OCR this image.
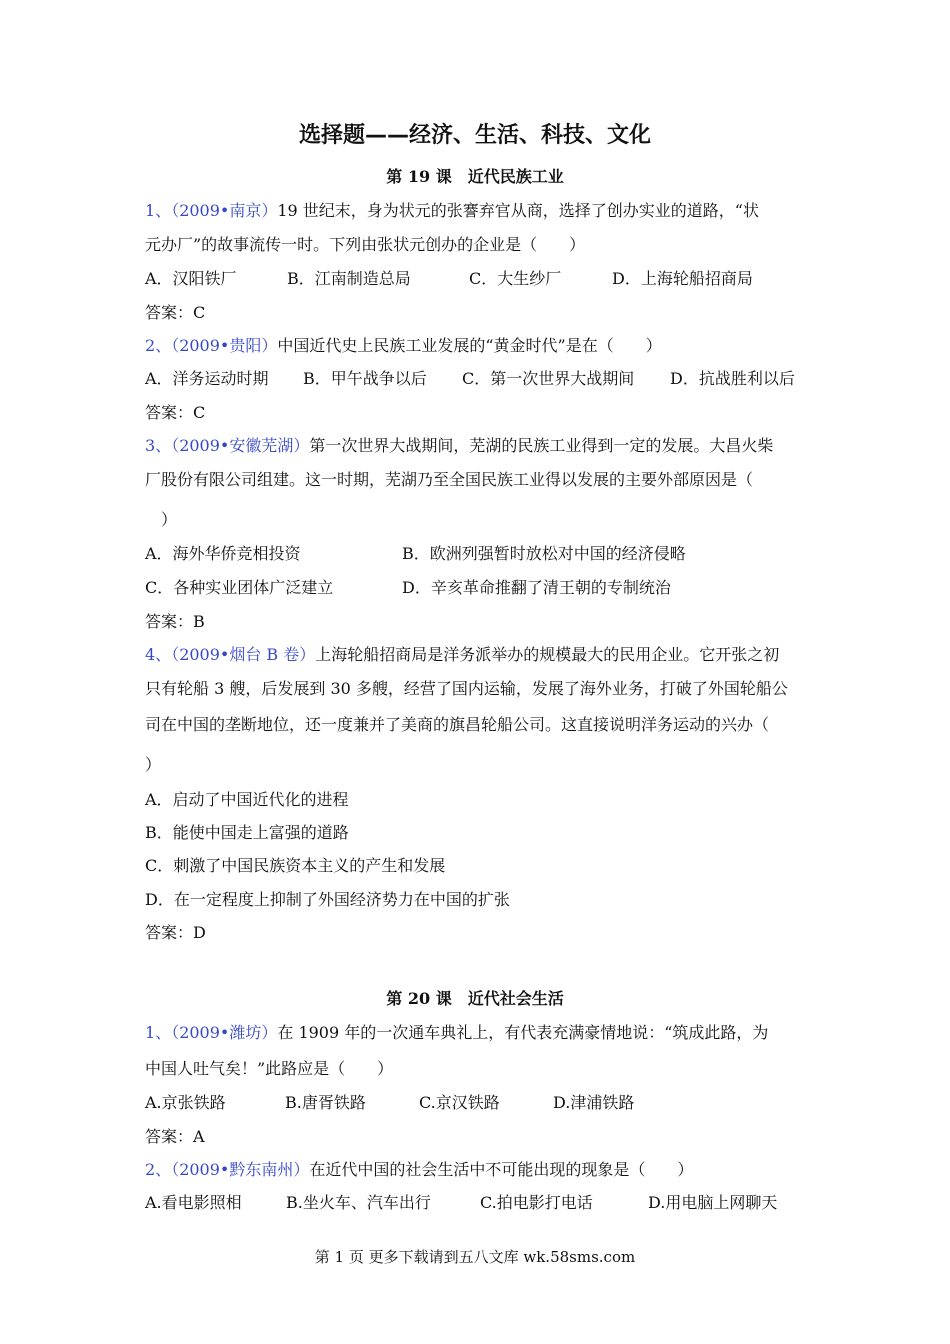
选择题——经济、生活、科技、文化
第 19 课　近代民族工业
1、（2009•南京）19 世纪末，身为状元的张謇弃官从商，选择了创办实业的道路，“状
元办厂”的故事流传一时。下列由张状元创办的企业是（　　）
A．汉阳铁厂	B．江南制造总局	C．大生纱厂	D．上海轮船招商局
答案：C
2、（2009•贵阳）中国近代史上民族工业发展的“黄金时代”是在（　　）
A．洋务运动时期 B．甲午战争以后 C．第一次世界大战期间 D．抗战胜利以后
答案：C
3、（2009•安徽芜湖）第一次世界大战期间，芜湖的民族工业得到一定的发展。大昌火柴
厂股份有限公司组建。这一时期，芜湖乃至全国民族工业得以发展的主要外部原因是（
　）
A．海外华侨竞相投资	B．欧洲列强暂时放松对中国的经济侵略
C．各种实业团体广泛建立	D．辛亥革命推翻了清王朝的专制统治
答案：B
4、（2009•烟台 B 卷）上海轮船招商局是洋务派举办的规模最大的民用企业。它开张之初
只有轮船 3 艘，后发展到 30 多艘，经营了国内运输，发展了海外业务，打破了外国轮船公
司在中国的垄断地位，还一度兼并了美商的旗昌轮船公司。这直接说明洋务运动的兴办（
）
A．启动了中国近代化的进程
B．能使中国走上富强的道路
C．刺激了中国民族资本主义的产生和发展
D．在一定程度上抑制了外国经济势力在中国的扩张
答案：D
第 20 课　近代社会生活
1、（2009•潍坊）在 1909 年的一次通车典礼上，有代表充满豪情地说：“筑成此路，为
中国人吐气矣！”此路应是（　　）
A.京张铁路	B.唐胥铁路	C.京汉铁路	D.津浦铁路
答案：A
2、（2009•黔东南州）在近代中国的社会生活中不可能出现的现象是（　　）
A.看电影照相	B.坐火车、汽车出行	C.拍电影打电话	D.用电脑上网聊天
第 1 页 更多下载请到五八文库 wk.58sms.com
